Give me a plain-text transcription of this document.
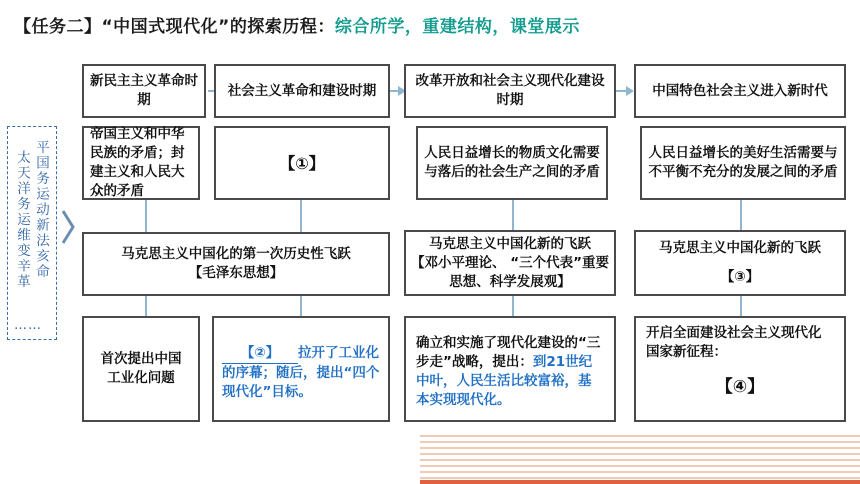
【任务二】“中国式现代化”的探索历程：综合所学，重建结构，课堂展示
平国务运动新法亥命
太天洋务运维变辛革
……
新民主主义革命时期
社会主义革命和建设时期
改革开放和社会主义现代化建设时期
中国特色社会主义进入新时代
帝国主义和中华民族的矛盾；封建主义和人民大众的矛盾
【①】
人民日益增长的物质文化需要与落后的社会生产之间的矛盾
人民日益增长的美好生活需要与不平衡不充分的发展之间的矛盾
马克思主义中国化的第一次历史性飞跃
【毛泽东思想】
马克思主义中国化新的飞跃
【邓小平理论、 “三个代表”重要思想、科学发展观】
马克思主义中国化新的飞跃
【③】
首次提出中国工业化问题
【②】 拉开了工业化的序幕；随后，提出“四个现代化”目标。
确立和实施了现代化建设的“三步走”战略，提出：到21世纪中叶，人民生活比较富裕，基本实现现代化。
开启全面建设社会主义现代化国家新征程：
【④】
